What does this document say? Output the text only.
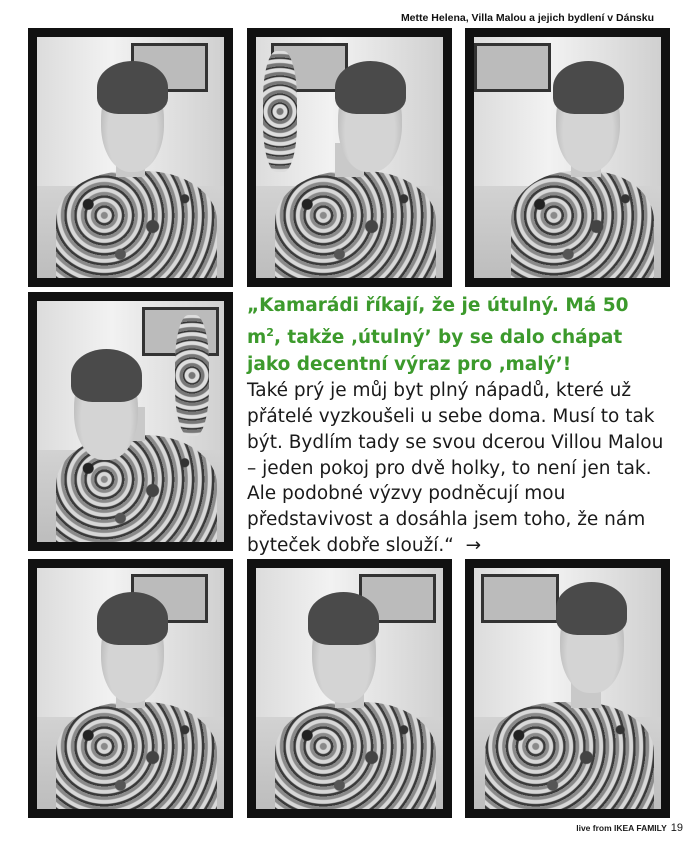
Mette Helena, Villa Malou a jejich bydlení v Dánsku
„Kamarádi říkají, že je útulný. Má 50 $m^2$, takže ‚útulný’ by se dalo chápat jako decentní výraz pro ‚malý’!
Také prý je můj byt plný nápadů, které už přátelé vyzkoušeli u sebe doma. Musí to tak být. Bydlím tady se svou dcerou Villou Malou – jeden pokoj pro dvě holky, to není jen tak. Ale podobné výzvy podněcují mou představivost a dosáhla jsem toho, že nám byteček dobře slouží.“ →
live from IKEA FAMILY 19
